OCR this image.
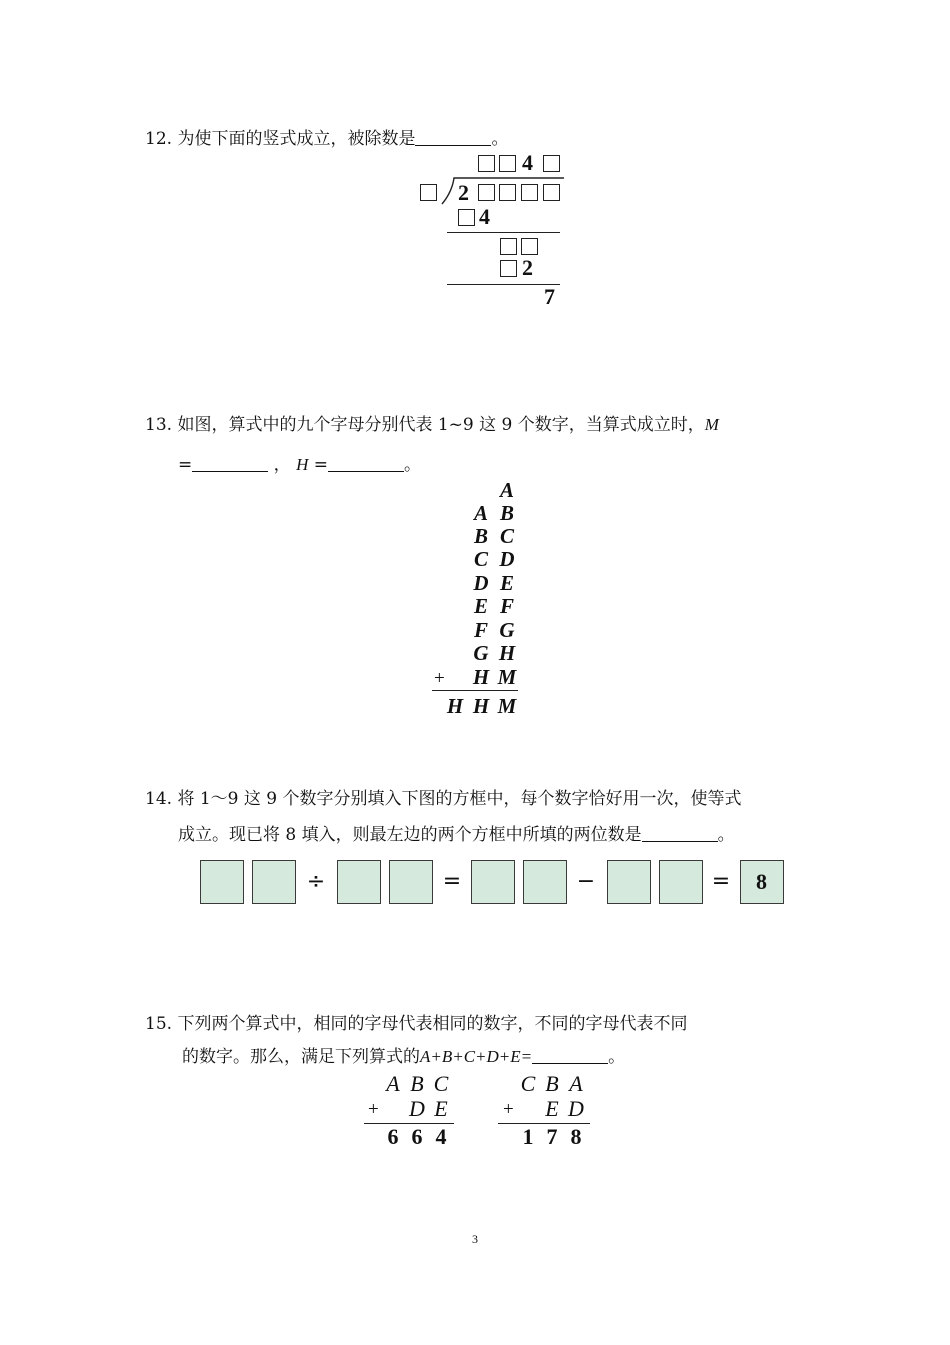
12. 为使下面的竖式成立，被除数是	。
4
2
4
2
7
13. 如图，算式中的九个字母分别代表 1~9 这 9 个数字，当算式成立时，M
=	， H =	。
A
A B
B C
C D
D E
E F
F G
G H
+ H M
H H M
14. 将 1～9 这 9 个数字分别填入下图的方框中，每个数字恰好用一次，使等式
成立。现已将 8 填入，则最左边的两个方框中所填的两位数是	。
÷	=	−	=	8
15. 下列两个算式中，相同的字母代表相同的数字，不同的字母代表不同
的数字。那么，满足下列算式的A+B+C+D+E=	。
A B C
+ D E
6 6 4
C B A
+ E D
1 7 8
3
